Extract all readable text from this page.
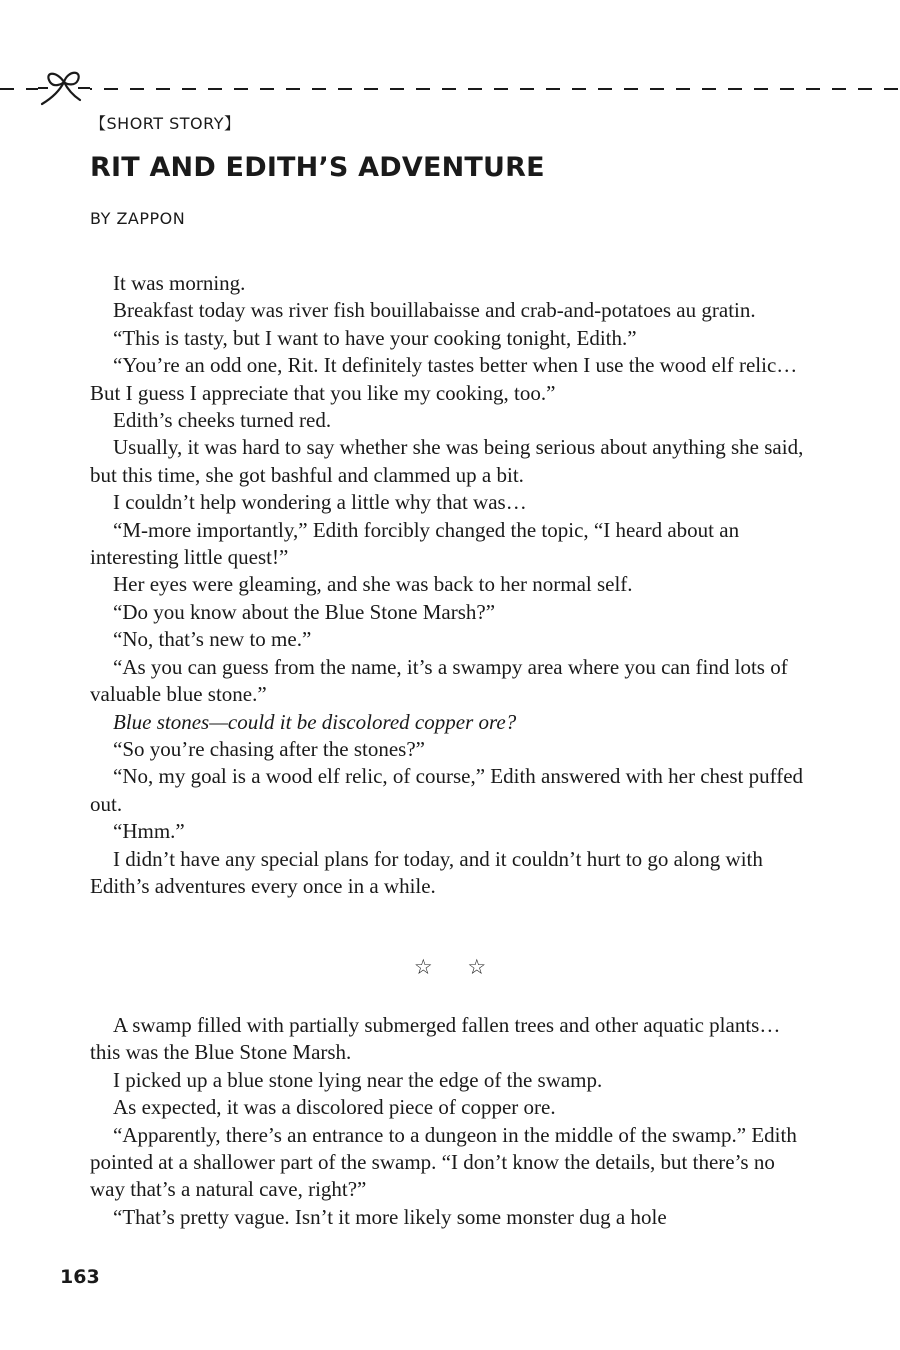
【SHORT STORY】
RIT AND EDITH’S ADVENTURE
BY ZAPPON

It was morning.

Breakfast today was river fish bouillabaisse and crab-and-potatoes au gratin.

“This is tasty, but I want to have your cooking tonight, Edith.”

“You’re an odd one, Rit. It definitely tastes better when I use the wood elf relic… But I guess I appreciate that you like my cooking, too.”

Edith’s cheeks turned red.

Usually, it was hard to say whether she was being serious about anything she said, but this time, she got bashful and clammed up a bit.

I couldn’t help wondering a little why that was…

“M-more importantly,” Edith forcibly changed the topic, “I heard about an interesting little quest!”

Her eyes were gleaming, and she was back to her normal self.

“Do you know about the Blue Stone Marsh?”

“No, that’s new to me.”

“As you can guess from the name, it’s a swampy area where you can find lots of valuable blue stone.”

Blue stones—could it be discolored copper ore?

“So you’re chasing after the stones?”

“No, my goal is a wood elf relic, of course,” Edith answered with her chest puffed out.

“Hmm.”

I didn’t have any special plans for today, and it couldn’t hurt to go along with Edith’s adventures every once in a while.

☆ ☆

A swamp filled with partially submerged fallen trees and other aquatic plants…this was the Blue Stone Marsh.

I picked up a blue stone lying near the edge of the swamp.

As expected, it was a discolored piece of copper ore.

“Apparently, there’s an entrance to a dungeon in the middle of the swamp.” Edith pointed at a shallower part of the swamp. “I don’t know the details, but there’s no way that’s a natural cave, right?”

“That’s pretty vague. Isn’t it more likely some monster dug a hole

163
